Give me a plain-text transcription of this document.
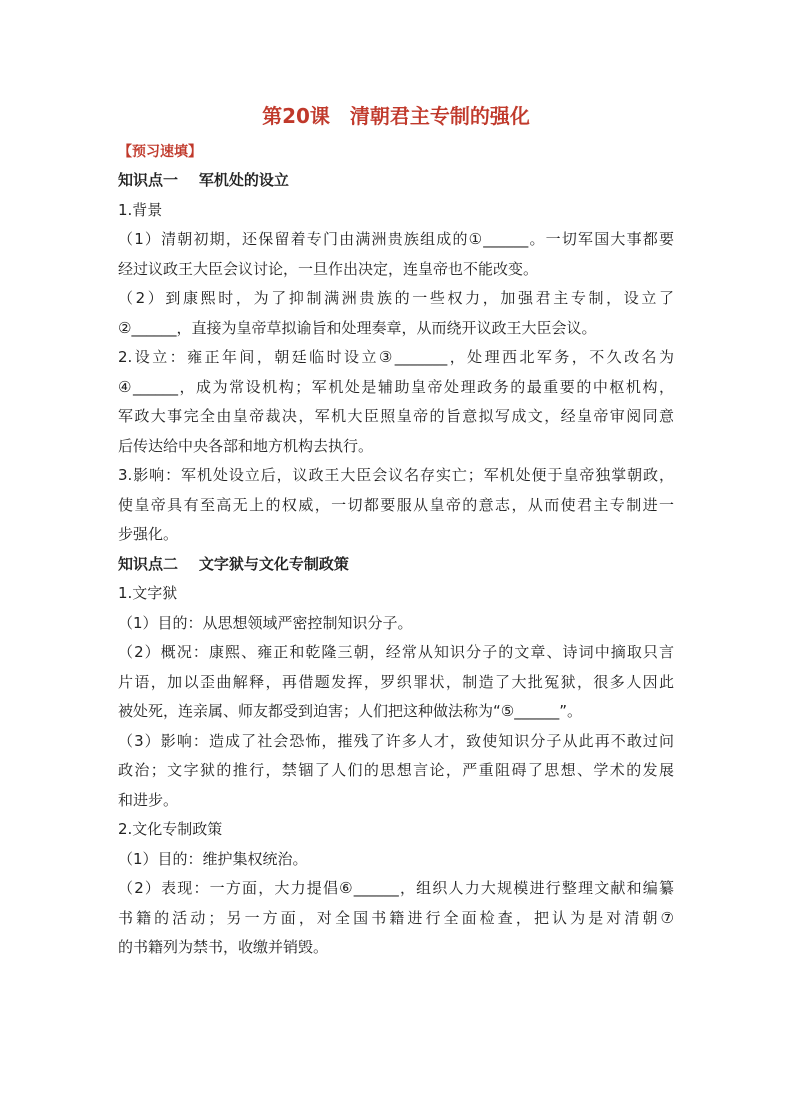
第20课　清朝君主专制的强化
【预习速填】
知识点一 军机处的设立
1.背景
（1）清朝初期，还保留着专门由满洲贵族组成的①______。一切军国大事都要
经过议政王大臣会议讨论，一旦作出决定，连皇帝也不能改变。
（2）到康熙时，为了抑制满洲贵族的一些权力，加强君主专制，设立了
②______，直接为皇帝草拟谕旨和处理奏章，从而绕开议政王大臣会议。
2.设立：雍正年间，朝廷临时设立③_______，处理西北军务，不久改名为
④______，成为常设机构；军机处是辅助皇帝处理政务的最重要的中枢机构，
军政大事完全由皇帝裁决，军机大臣照皇帝的旨意拟写成文，经皇帝审阅同意
后传达给中央各部和地方机构去执行。
3.影响：军机处设立后，议政王大臣会议名存实亡；军机处便于皇帝独掌朝政，
使皇帝具有至高无上的权威，一切都要服从皇帝的意志，从而使君主专制进一
步强化。
知识点二 文字狱与文化专制政策
1.文字狱
（1）目的：从思想领域严密控制知识分子。
（2）概况：康熙、雍正和乾隆三朝，经常从知识分子的文章、诗词中摘取只言
片语，加以歪曲解释，再借题发挥，罗织罪状，制造了大批冤狱，很多人因此
被处死，连亲属、师友都受到迫害；人们把这种做法称为“⑤______”。
（3）影响：造成了社会恐怖，摧残了许多人才，致使知识分子从此再不敢过问
政治；文字狱的推行，禁锢了人们的思想言论，严重阻碍了思想、学术的发展
和进步。
2.文化专制政策
（1）目的：维护集权统治。
（2）表现：一方面，大力提倡⑥______，组织人力大规模进行整理文献和编纂
书籍的活动；另一方面，对全国书籍进行全面检查，把认为是对清朝⑦
的书籍列为禁书，收缴并销毁。
